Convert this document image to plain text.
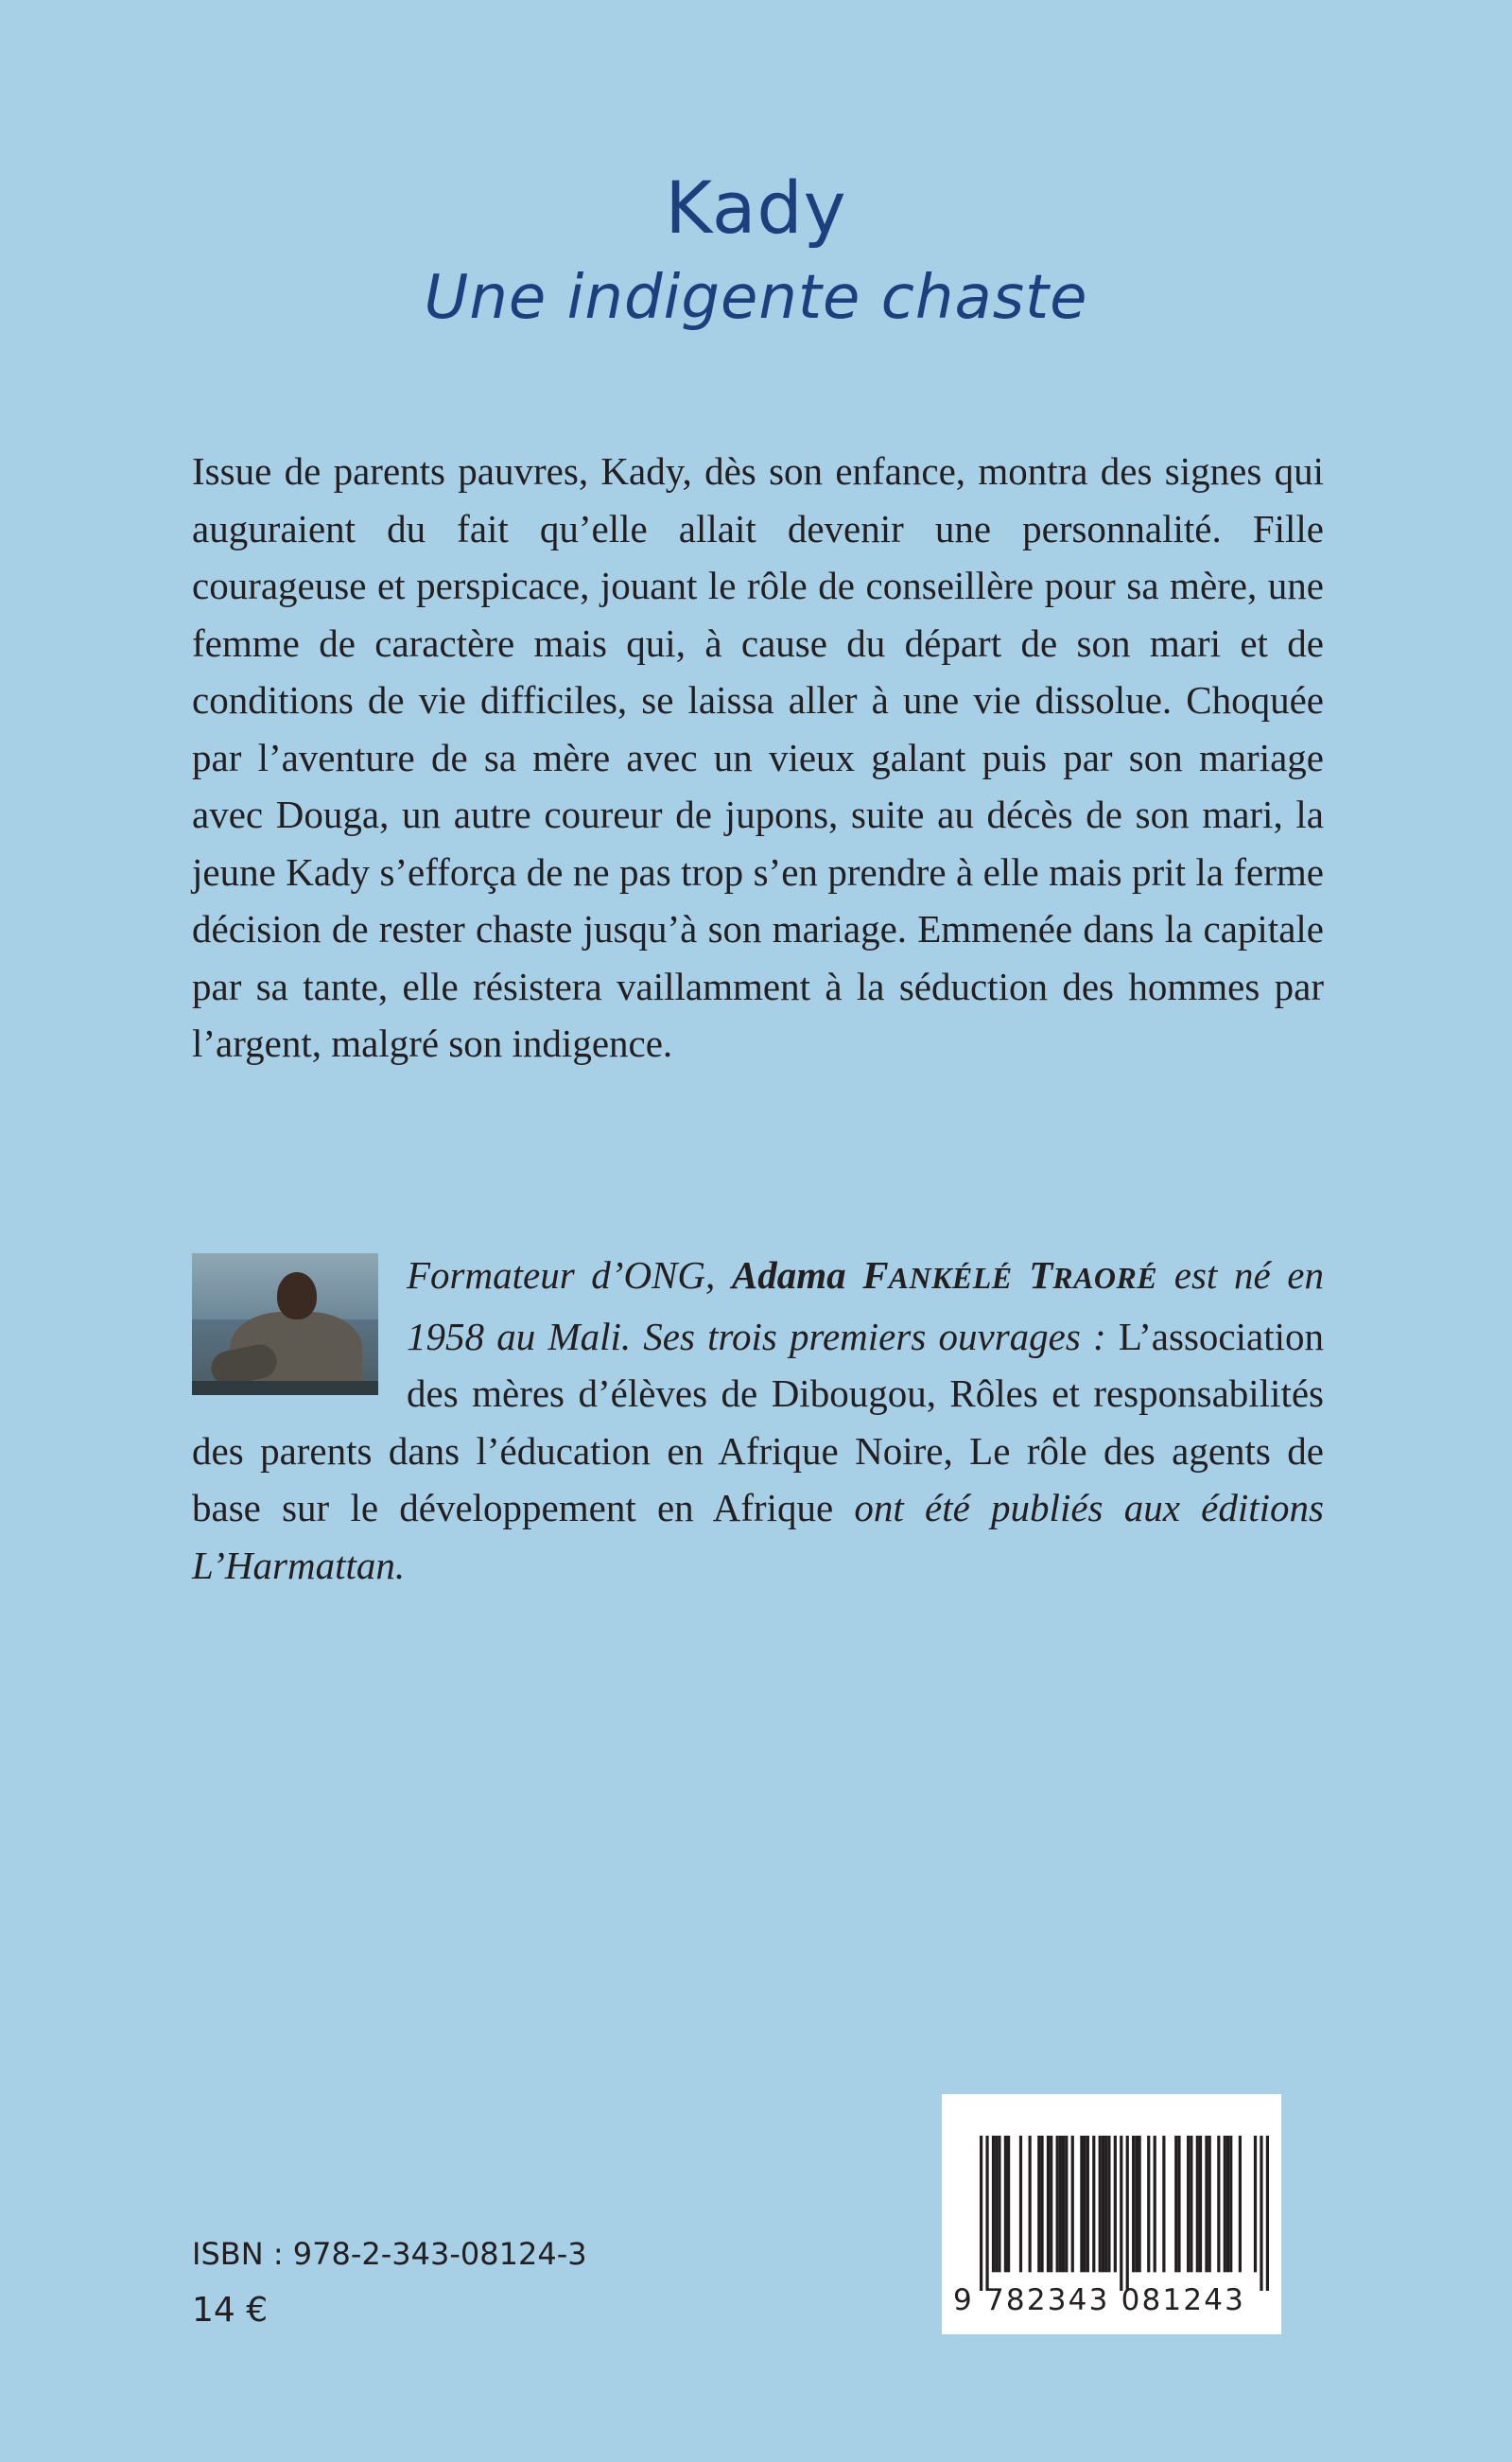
Kady
Une indigente chaste

Issue de parents pauvres, Kady, dès son enfance, montra des signes qui auguraient du fait qu’elle allait devenir une personnalité. Fille courageuse et perspicace, jouant le rôle de conseillère pour sa mère, une femme de caractère mais qui, à cause du départ de son mari et de conditions de vie difficiles, se laissa aller à une vie dissolue. Choquée par l’aventure de sa mère avec un vieux galant puis par son mariage avec Douga, un autre coureur de jupons, suite au décès de son mari, la jeune Kady s’efforça de ne pas trop s’en prendre à elle mais prit la ferme décision de rester chaste jusqu’à son mariage. Emmenée dans la capitale par sa tante, elle résistera vaillamment à la séduction des hommes par l’argent, malgré son indigence.

Formateur d’ONG, Adama FANKÉLÉ TRAORÉ est né en 1958 au Mali. Ses trois premiers ouvrages : L’association des mères d’élèves de Dibougou, Rôles et responsabilités des parents dans l’éducation en Afrique Noire, Le rôle des agents de base sur le développement en Afrique ont été publiés aux éditions L’Harmattan.
ISBN : 978-2-343-08124-3
14 €	9 782343 081243
